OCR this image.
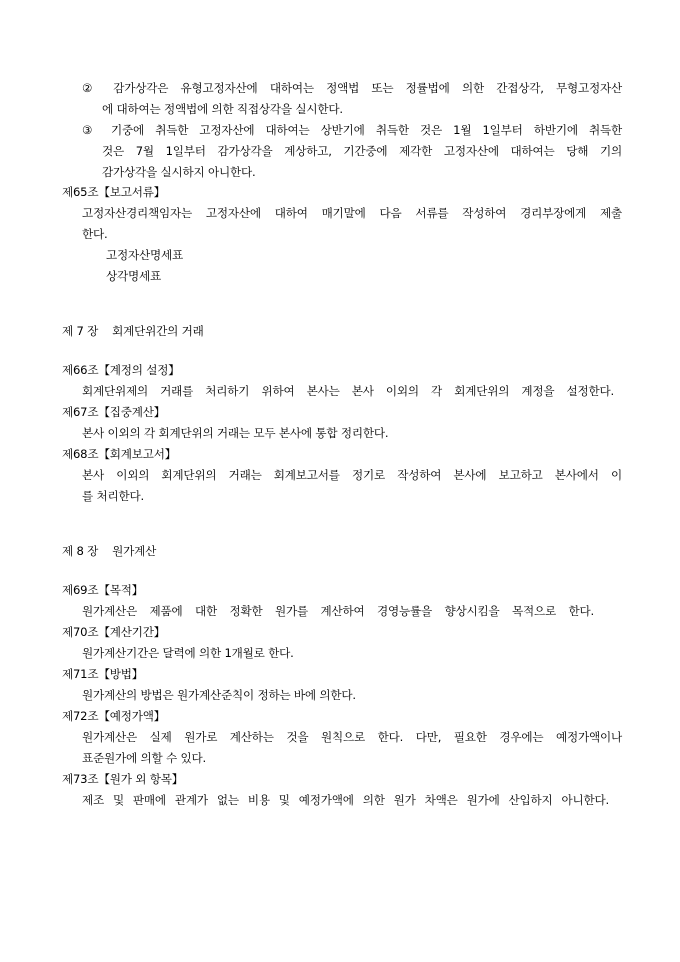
② 감가상각은 유형고정자산에 대하여는 정액법 또는 정률법에 의한 간접상각, 무형고정자산
에 대하여는 정액법에 의한 직접상각을 실시한다.
③ 기중에 취득한 고정자산에 대하여는 상반기에 취득한 것은 1월 1일부터 하반기에 취득한
것은 7월 1일부터 감가상각을 계상하고, 기간중에 제각한 고정자산에 대하여는 당해 기의
감가상각을 실시하지 아니한다.
제65조【보고서류】
고정자산경리책임자는 고정자산에 대하여 매기말에 다음 서류를 작성하여 경리부장에게 제출
한다.
고정자산명세표
상각명세표
제 7 장    회계단위간의 거래
제66조【계정의 설정】
회계단위제의 거래를 처리하기 위하여 본사는 본사 이외의 각 회계단위의 계정을 설정한다.
제67조【집중계산】
본사 이외의 각 회계단위의 거래는 모두 본사에 통합 정리한다.
제68조【회계보고서】
본사 이외의 회계단위의 거래는 회계보고서를 정기로 작성하여 본사에 보고하고 본사에서 이
를 처리한다.
제 8 장    원가계산
제69조【목적】
원가계산은 제품에 대한 정확한 원가를 계산하여 경영능률을 향상시킴을 목적으로 한다.
제70조【계산기간】
원가계산기간은 달력에 의한 1개월로 한다.
제71조【방법】
원가계산의 방법은 원가계산준칙이 정하는 바에 의한다.
제72조【예정가액】
원가계산은 실제 원가로 계산하는 것을 원칙으로 한다. 다만, 필요한 경우에는 예정가액이나
표준원가에 의할 수 있다.
제73조【원가 외 항목】
제조 및 판매에 관계가 없는 비용 및 예정가액에 의한 원가 차액은 원가에 산입하지 아니한다.
